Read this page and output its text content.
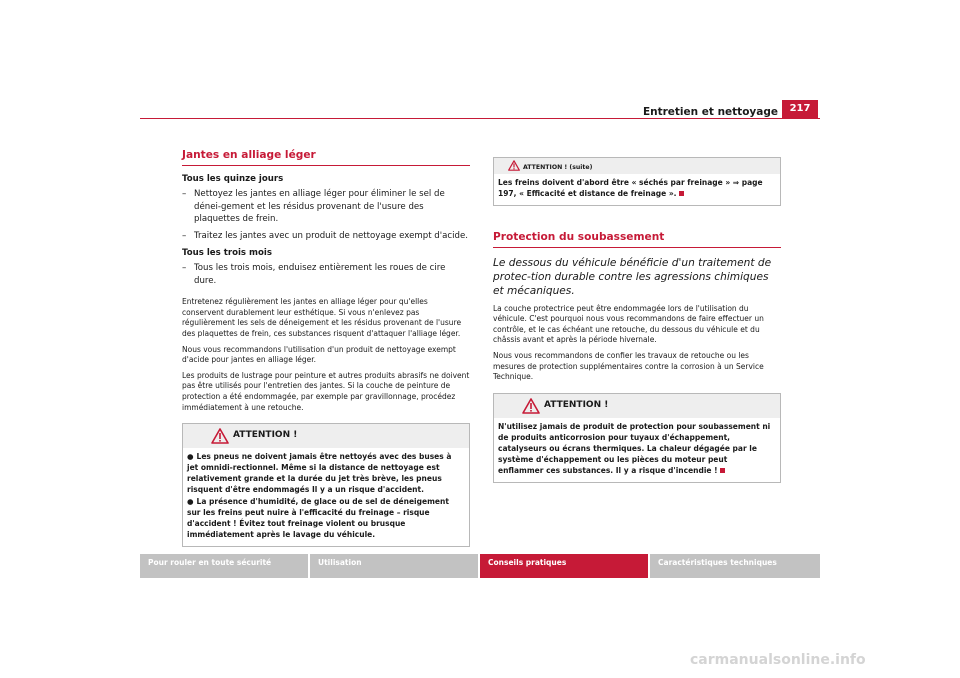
Entretien et nettoyage	217
Jantes en alliage léger
Tous les quinze jours
– Nettoyez les jantes en alliage léger pour éliminer le sel de dénei-gement et les résidus provenant de l'usure des plaquettes de frein.
– Traitez les jantes avec un produit de nettoyage exempt d'acide.
Tous les trois mois
– Tous les trois mois, enduisez entièrement les roues de cire dure.
Entretenez régulièrement les jantes en alliage léger pour qu'elles conservent durablement leur esthétique. Si vous n'enlevez pas régulièrement les sels de déneigement et les résidus provenant de l'usure des plaquettes de frein, ces substances risquent d'attaquer l'alliage léger.
Nous vous recommandons l'utilisation d'un produit de nettoyage exempt d'acide pour jantes en alliage léger.
Les produits de lustrage pour peinture et autres produits abrasifs ne doivent pas être utilisés pour l'entretien des jantes. Si la couche de peinture de protection a été endommagée, par exemple par gravillonnage, procédez immédiatement à une retouche.
ATTENTION !
● Les pneus ne doivent jamais être nettoyés avec des buses à jet omnidi-rectionnel. Même si la distance de nettoyage est relativement grande et la durée du jet très brève, les pneus risquent d'être endommagés Il y a un risque d'accident.
● La présence d'humidité, de glace ou de sel de déneigement sur les freins peut nuire à l'efficacité du freinage – risque d'accident ! Évitez tout freinage violent ou brusque immédiatement après le lavage du véhicule.
ATTENTION ! (suite)
Les freins doivent d'abord être « séchés par freinage » ⇒ page 197, « Efficacité et distance de freinage ».
Protection du soubassement
Le dessous du véhicule bénéficie d'un traitement de protec-tion durable contre les agressions chimiques et mécaniques.
La couche protectrice peut être endommagée lors de l'utilisation du véhicule. C'est pourquoi nous vous recommandons de faire effectuer un contrôle, et le cas échéant une retouche, du dessous du véhicule et du châssis avant et après la période hivernale.
Nous vous recommandons de confier les travaux de retouche ou les mesures de protection supplémentaires contre la corrosion à un Service Technique.
ATTENTION !
N'utilisez jamais de produit de protection pour soubassement ni de produits anticorrosion pour tuyaux d'échappement, catalyseurs ou écrans thermiques. La chaleur dégagée par le système d'échappement ou les pièces du moteur peut enflammer ces substances. Il y a risque d'incendie !
Pour rouler en toute sécurité	Utilisation	Conseils pratiques	Caractéristiques techniques
carmanualsonline.info
